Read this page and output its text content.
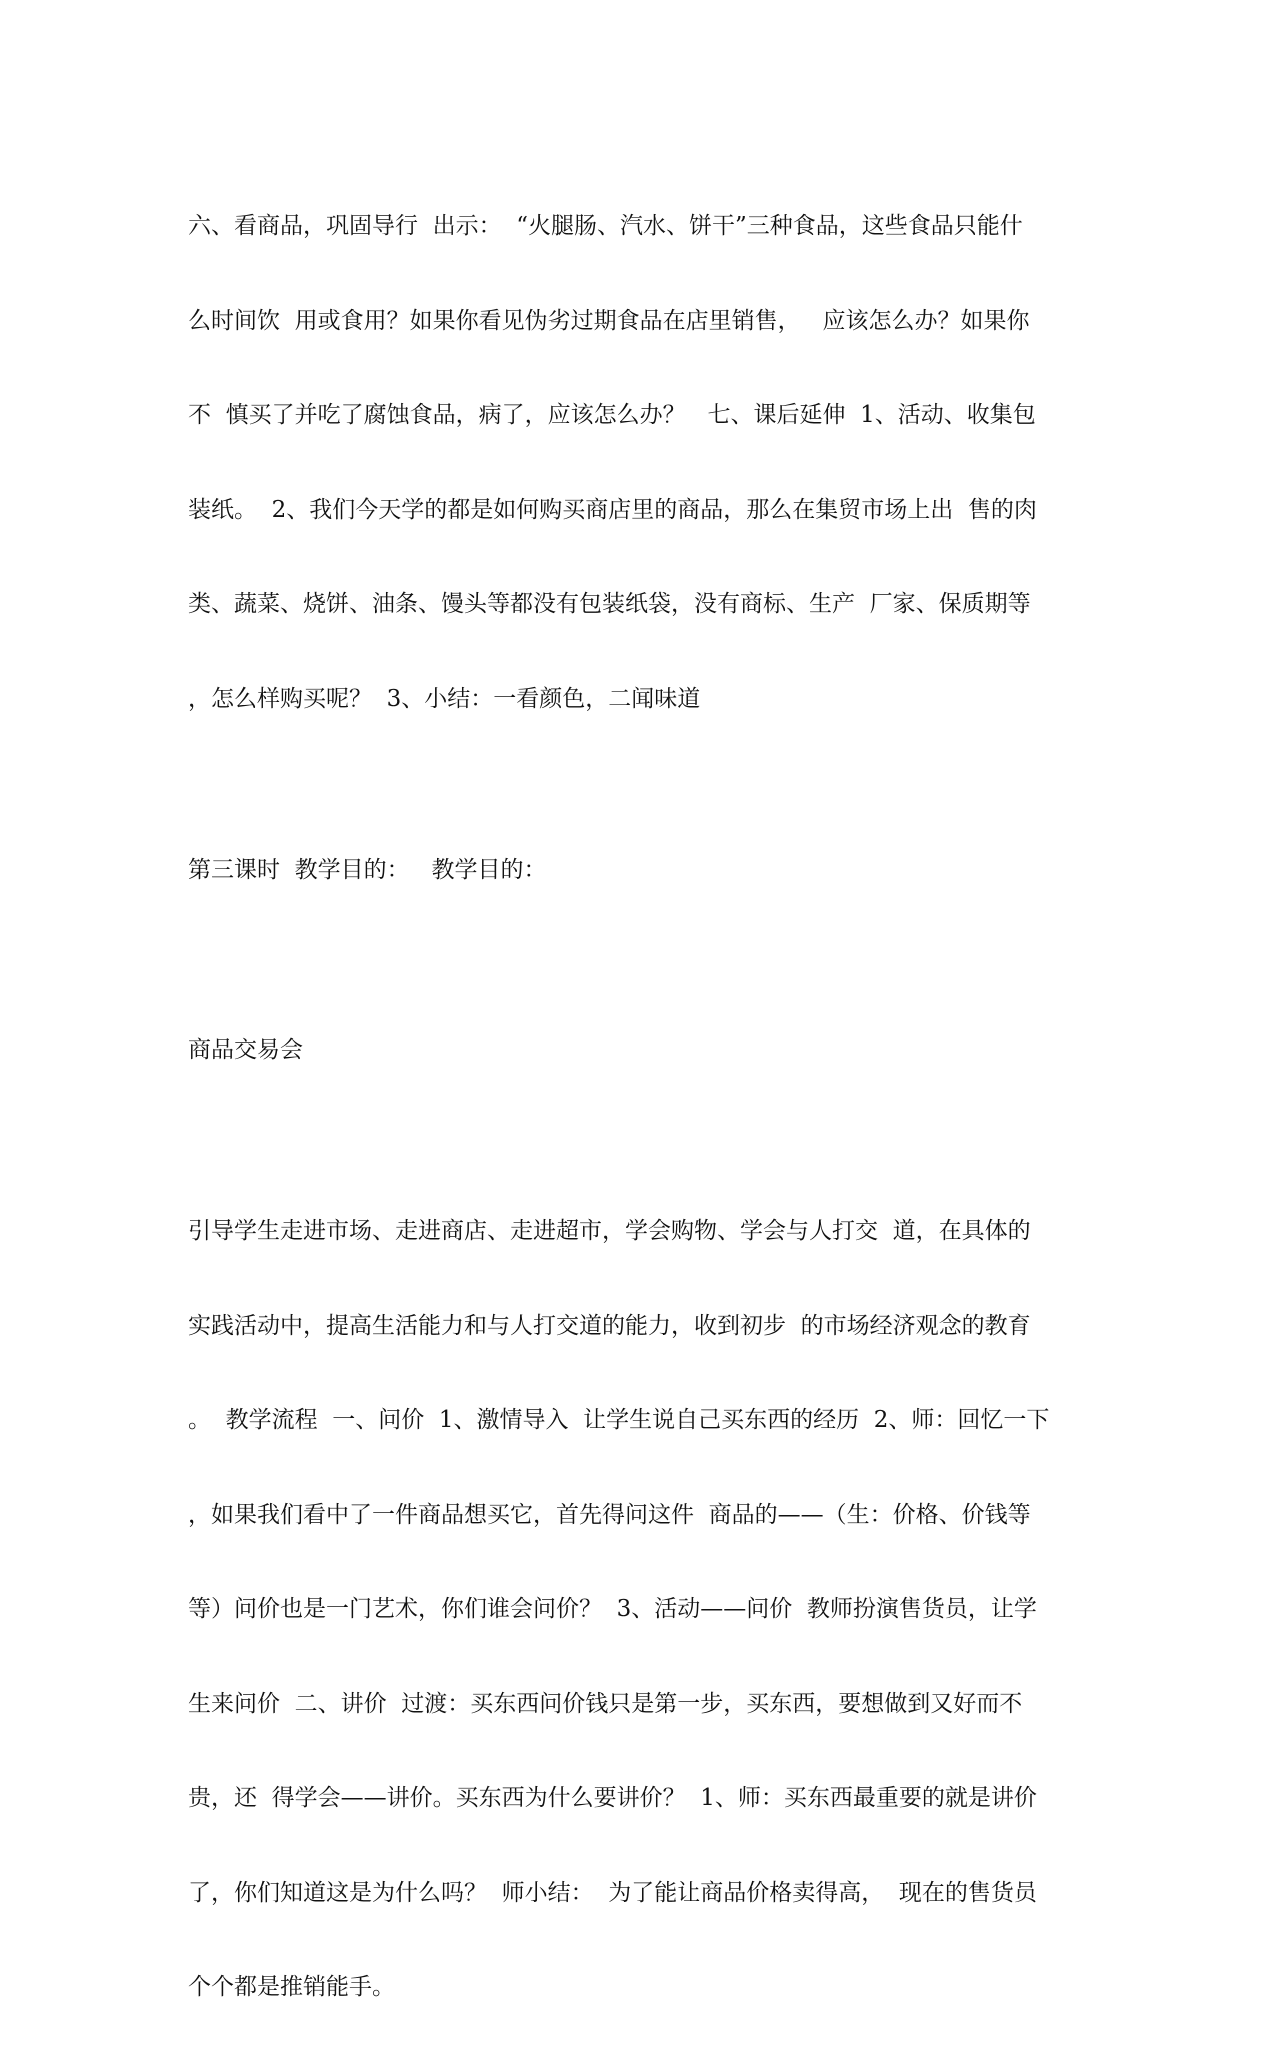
六、看商品，巩固导行  出示：  “火腿肠、汽水、饼干”三种食品，这些食品只能什

么时间饮  用或食用？如果你看见伪劣过期食品在店里销售，   应该怎么办？如果你

不  慎买了并吃了腐蚀食品，病了，应该怎么办？   七、课后延伸  1、活动、收集包

装纸。  2、我们今天学的都是如何购买商店里的商品，那么在集贸市场上出  售的肉

类、蔬菜、烧饼、油条、馒头等都没有包装纸袋，没有商标、生产  厂家、保质期等

，怎么样购买呢？  3、小结：一看颜色，二闻味道

第三课时  教学目的：   教学目的：

商品交易会

引导学生走进市场、走进商店、走进超市，学会购物、学会与人打交  道，在具体的

实践活动中，提高生活能力和与人打交道的能力，收到初步  的市场经济观念的教育

。  教学流程  一、问价  1、激情导入  让学生说自己买东西的经历  2、师：回忆一下

，如果我们看中了一件商品想买它，首先得问这件  商品的——（生：价格、价钱等

等）问价也是一门艺术，你们谁会问价？  3、活动——问价  教师扮演售货员，让学

生来问价  二、讲价  过渡：买东西问价钱只是第一步，买东西，要想做到又好而不

贵，还  得学会——讲价。买东西为什么要讲价？  1、师：买东西最重要的就是讲价

了，你们知道这是为什么吗？  师小结：  为了能让商品价格卖得高，  现在的售货员

个个都是推销能手。
